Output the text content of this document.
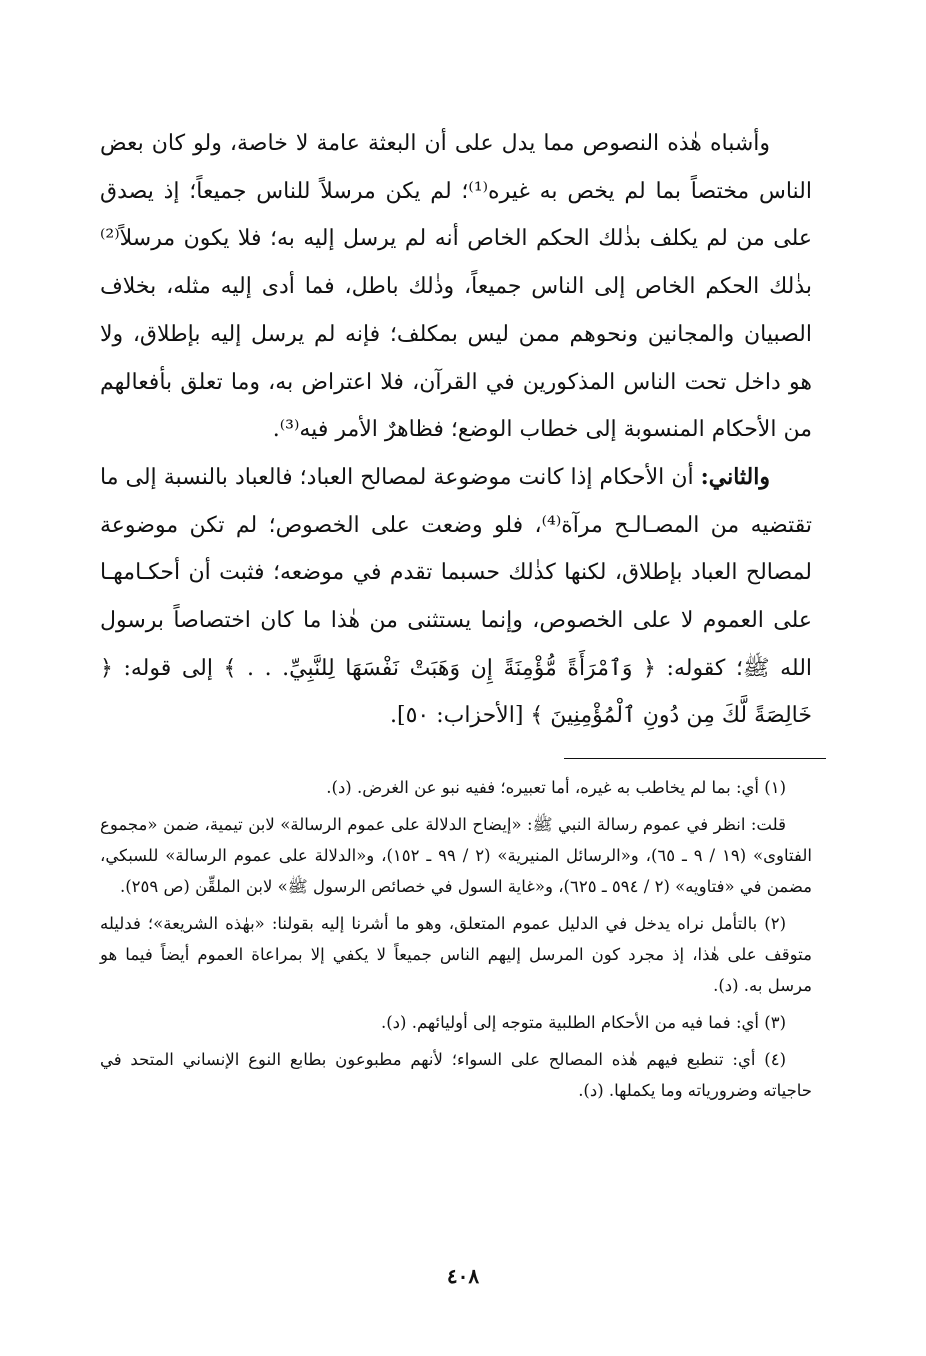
وأشباه هٰذه النصوص مما يدل على أن البعثة عامة لا خاصة، ولو كان بعض الناس مختصاً بما لم يخص به غيره⁽¹⁾؛ لم يكن مرسلاً للناس جميعاً؛ إذ يصدق على من لم يكلف بذٰلك الحكم الخاص أنه لم يرسل إليه به؛ فلا يكون مرسلاً⁽²⁾ بذٰلك الحكم الخاص إلى الناس جميعاً، وذٰلك باطل، فما أدى إليه مثله، بخلاف الصبيان والمجانين ونحوهم ممن ليس بمكلف؛ فإنه لم يرسل إليه بإطلاق، ولا هو داخل تحت الناس المذكورين في القرآن، فلا اعتراض به، وما تعلق بأفعالهم من الأحكام المنسوبة إلى خطاب الوضع؛ فظاهرٌ الأمر فيه⁽³⁾.

والثاني: أن الأحكام إذا كانت موضوعة لمصالح العباد؛ فالعباد بالنسبة إلى ما تقتضيه من المصـالـح مرآة⁽⁴⁾، فلو وضعت على الخصوص؛ لم تكن موضوعة لمصالح العباد بإطلاق، لكنها كذٰلك حسبما تقدم في موضعه؛ فثبت أن أحكـامهـا على العموم لا على الخصوص، وإنما يستثنى من هٰذا ما كان اختصاصاً برسول الله ﷺ؛ كقوله: ﴿ وَٱمْرَأَةً مُّؤْمِنَةً إِن وَهَبَتْ نَفْسَهَا لِلنَّبِيِّ. . . ﴾ إلى قوله: ﴿ خَالِصَةً لَّكَ مِن دُونِ ٱلْمُؤْمِنِينَ ﴾ [الأحزاب: ٥٠].

(١) أي: بما لم يخاطب به غيره، أما تعبيره؛ ففيه نبو عن الغرض. (د).

قلت: انظر في عموم رسالة النبي ﷺ: «إيضاح الدلالة على عموم الرسالة» لابن تيمية، ضمن «مجموع الفتاوى» (١٩ / ٩ ـ ٦٥)، و«الرسائل المنيرية» (٢ / ٩٩ ـ ١٥٢)، و«الدلالة على عموم الرسالة» للسبكي، مضمن في «فتاويه» (٢ / ٥٩٤ ـ ٦٢٥)، و«غاية السول في خصائص الرسول ﷺ» لابن الملقِّن (ص ٢٥٩).

(٢) بالتأمل نراه يدخل في الدليل عموم المتعلق، وهو ما أشرنا إليه بقولنا: «بهٰذه الشريعة»؛ فدليله متوقف على هٰذا، إذ مجرد كون المرسل إليهم الناس جميعاً لا يكفي إلا بمراعاة العموم أيضاً فيما هو مرسل به. (د).

(٣) أي: فما فيه من الأحكام الطلبية متوجه إلى أوليائهم. (د).

(٤) أي: تنطبع فيهم هٰذه المصالح على السواء؛ لأنهم مطبوعون بطابع النوع الإنساني المتحد في حاجياته وضرورياته وما يكملها. (د).

٤٠٨
